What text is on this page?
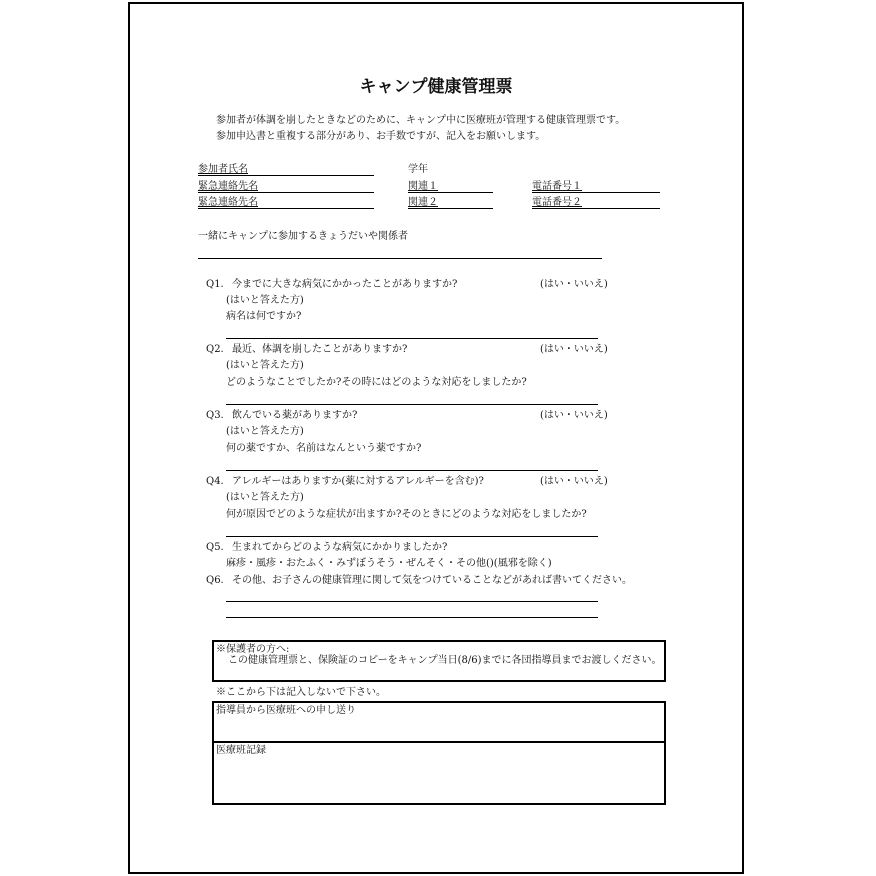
キャンプ健康管理票
参加者が体調を崩したときなどのために、キャンプ中に医療班が管理する健康管理票です。
参加申込書と重複する部分があり、お手数ですが、記入をお願いします。
参加者氏名	学年
緊急連絡先名	関連１	電話番号１
緊急連絡先名	関連２	電話番号２
一緒にキャンプに参加するきょうだいや関係者
Q1. 今までに大きな病気にかかったことがありますか?	(はい・いいえ)
(はいと答えた方)
病名は何ですか?
Q2. 最近、体調を崩したことがありますか?	(はい・いいえ)
(はいと答えた方)
どのようなことでしたか?その時にはどのような対応をしましたか?
Q3. 飲んでいる薬がありますか?	(はい・いいえ)
(はいと答えた方)
何の薬ですか、名前はなんという薬ですか?
Q4. アレルギーはありますか(薬に対するアレルギーを含む)?	(はい・いいえ)
(はいと答えた方)
何が原因でどのような症状が出ますか?そのときにどのような対応をしましたか?
Q5. 生まれてからどのような病気にかかりましたか?
麻疹・風疹・おたふく・みずぼうそう・ぜんそく・その他()(風邪を除く)
Q6. その他、お子さんの健康管理に関して気をつけていることなどがあれば書いてください。
※保護者の方へ:
この健康管理票と、保険証のコピーをキャンプ当日(8/6)までに各団指導員までお渡しください。
※ここから下は記入しないで下さい。
指導員から医療班への申し送り
医療班記録
